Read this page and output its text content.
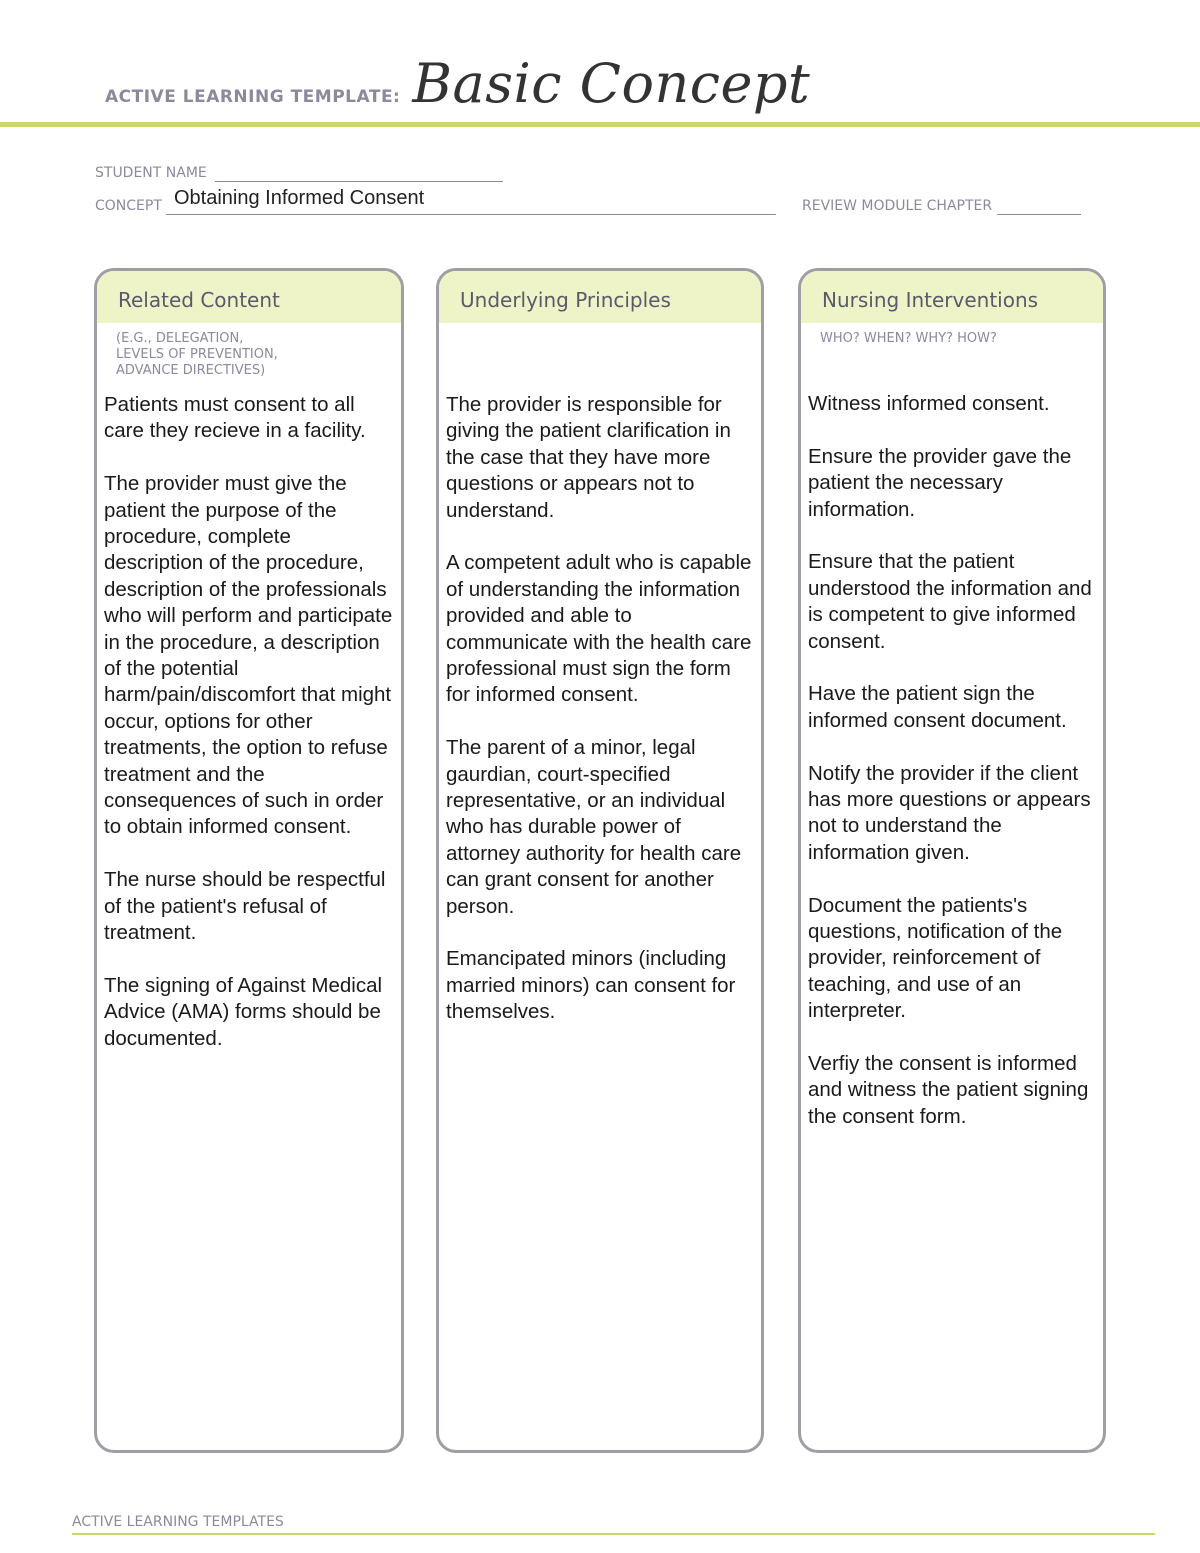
ACTIVE LEARNING TEMPLATE: Basic Concept
STUDENT NAME
CONCEPT Obtaining Informed Consent	REVIEW MODULE CHAPTER
Related Content
(E.G., DELEGATION,
LEVELS OF PREVENTION,
ADVANCE DIRECTIVES)

Patients must consent to all care they recieve in a facility.

The provider must give the patient the purpose of the procedure, complete description of the procedure, description of the professionals who will perform and participate in the procedure, a description of the potential harm/pain/discomfort that might occur, options for other treatments, the option to refuse treatment and the consequences of such in order to obtain informed consent.

The nurse should be respectful of the patient's refusal of treatment.

The signing of Against Medical Advice (AMA) forms should be documented.

Underlying Principles

The provider is responsible for giving the patient clarification in the case that they have more questions or appears not to understand.

A competent adult who is capable of understanding the information provided and able to communicate with the health care professional must sign the form for informed consent.

The parent of a minor, legal gaurdian, court-specified representative, or an individual who has durable power of attorney authority for health care can grant consent for another person.

Emancipated minors (including married minors) can consent for themselves.

Nursing Interventions
WHO? WHEN? WHY? HOW?

Witness informed consent.

Ensure the provider gave the patient the necessary information.

Ensure that the patient understood the information and is competent to give informed consent.

Have the patient sign the informed consent document.

Notify the provider if the client has more questions or appears not to understand the information given.

Document the patients's questions, notification of the provider, reinforcement of teaching, and use of an interpreter.

Verfiy the consent is informed and witness the patient signing the consent form.

ACTIVE LEARNING TEMPLATES
